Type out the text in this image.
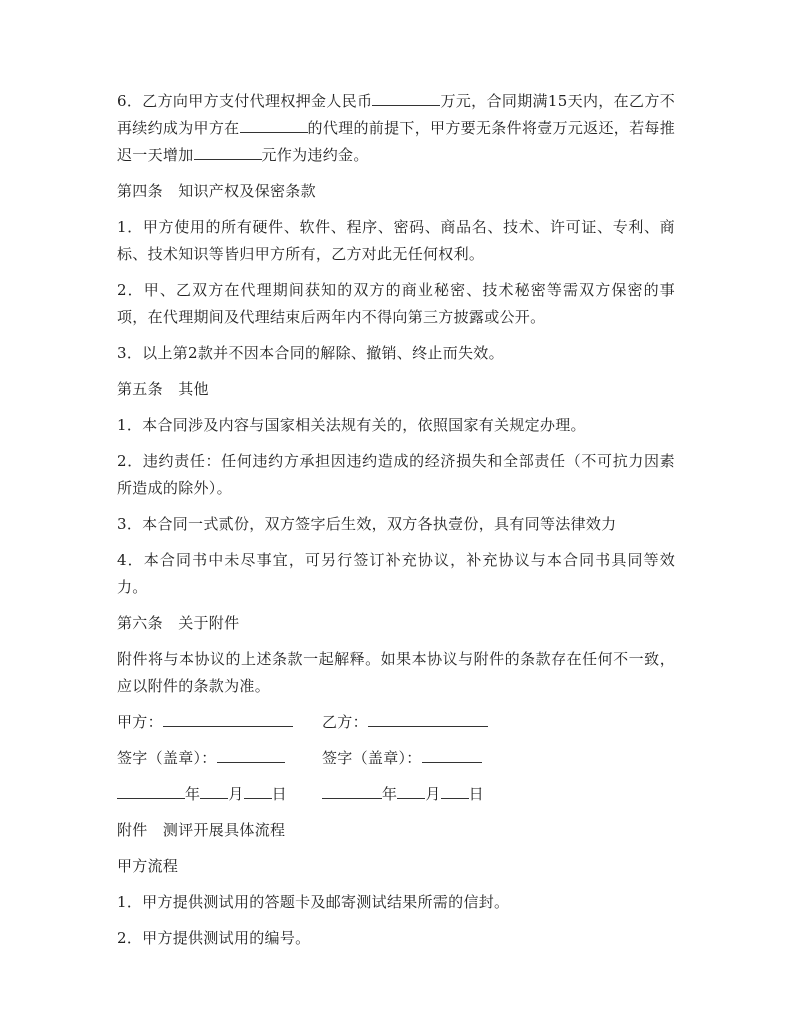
6．乙方向甲方支付代理权押金人民币	万元，合同期满15天内，在乙方不再续约成为甲方在	的代理的前提下，甲方要无条件将壹万元返还，若每推迟一天增加	元作为违约金。

第四条　知识产权及保密条款

1．甲方使用的所有硬件、软件、程序、密码、商品名、技术、许可证、专利、商标、技术知识等皆归甲方所有，乙方对此无任何权利。

2．甲、乙双方在代理期间获知的双方的商业秘密、技术秘密等需双方保密的事项，在代理期间及代理结束后两年内不得向第三方披露或公开。

3．以上第2款并不因本合同的解除、撤销、终止而失效。

第五条　其他

1．本合同涉及内容与国家相关法规有关的，依照国家有关规定办理。

2．违约责任：任何违约方承担因违约造成的经济损失和全部责任（不可抗力因素所造成的除外）。

3．本合同一式贰份，双方签字后生效，双方各执壹份，具有同等法律效力

4．本合同书中未尽事宜，可另行签订补充协议，补充协议与本合同书具同等效力。

第六条　关于附件

附件将与本协议的上述条款一起解释。如果本协议与附件的条款存在任何不一致，应以附件的条款为准。

甲方：	乙方：
签字（盖章）：	签字（盖章）：
年 月 日	年 月 日

附件　测评开展具体流程

甲方流程

1．甲方提供测试用的答题卡及邮寄测试结果所需的信封。

2．甲方提供测试用的编号。
